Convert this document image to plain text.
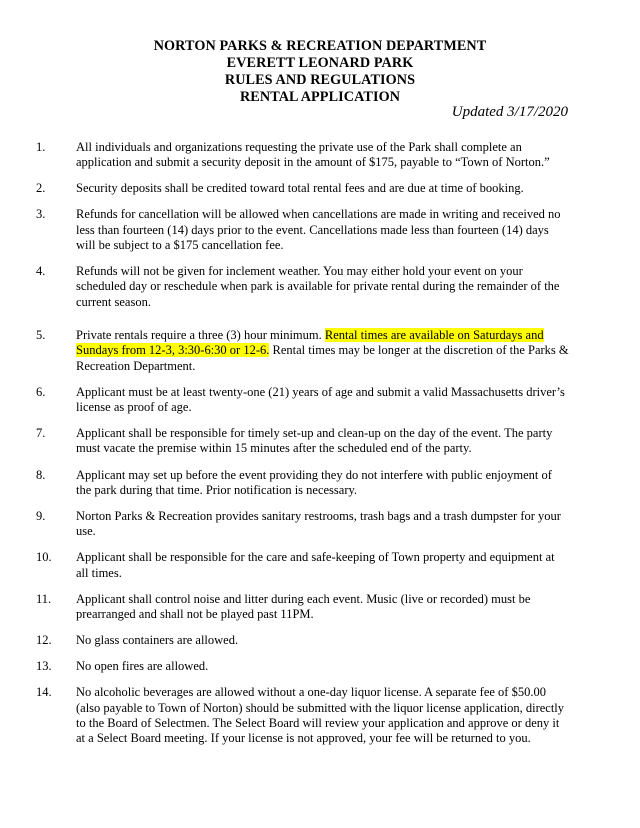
NORTON PARKS & RECREATION DEPARTMENT
EVERETT LEONARD PARK
RULES AND REGULATIONS
RENTAL APPLICATION
Updated 3/17/2020
1.	All individuals and organizations requesting the private use of the Park shall complete an application and submit a security deposit in the amount of $175, payable to “Town of Norton.”
2.	Security deposits shall be credited toward total rental fees and are due at time of booking.
3.	Refunds for cancellation will be allowed when cancellations are made in writing and received no less than fourteen (14) days prior to the event. Cancellations made less than fourteen (14) days will be subject to a $175 cancellation fee.
4.	Refunds will not be given for inclement weather. You may either hold your event on your scheduled day or reschedule when park is available for private rental during the remainder of the current season.
5.	Private rentals require a three (3) hour minimum. Rental times are available on Saturdays and Sundays from 12-3, 3:30-6:30 or 12-6. Rental times may be longer at the discretion of the Parks & Recreation Department.
6.	Applicant must be at least twenty-one (21) years of age and submit a valid Massachusetts driver’s license as proof of age.
7.	Applicant shall be responsible for timely set-up and clean-up on the day of the event. The party must vacate the premise within 15 minutes after the scheduled end of the party.
8.	Applicant may set up before the event providing they do not interfere with public enjoyment of the park during that time. Prior notification is necessary.
9.	Norton Parks & Recreation provides sanitary restrooms, trash bags and a trash dumpster for your use.
10.	Applicant shall be responsible for the care and safe-keeping of Town property and equipment at all times.
11.	Applicant shall control noise and litter during each event. Music (live or recorded) must be prearranged and shall not be played past 11PM.
12.	No glass containers are allowed.
13.	No open fires are allowed.
14.	No alcoholic beverages are allowed without a one-day liquor license. A separate fee of $50.00 (also payable to Town of Norton) should be submitted with the liquor license application, directly to the Board of Selectmen. The Select Board will review your application and approve or deny it at a Select Board meeting. If your license is not approved, your fee will be returned to you.
